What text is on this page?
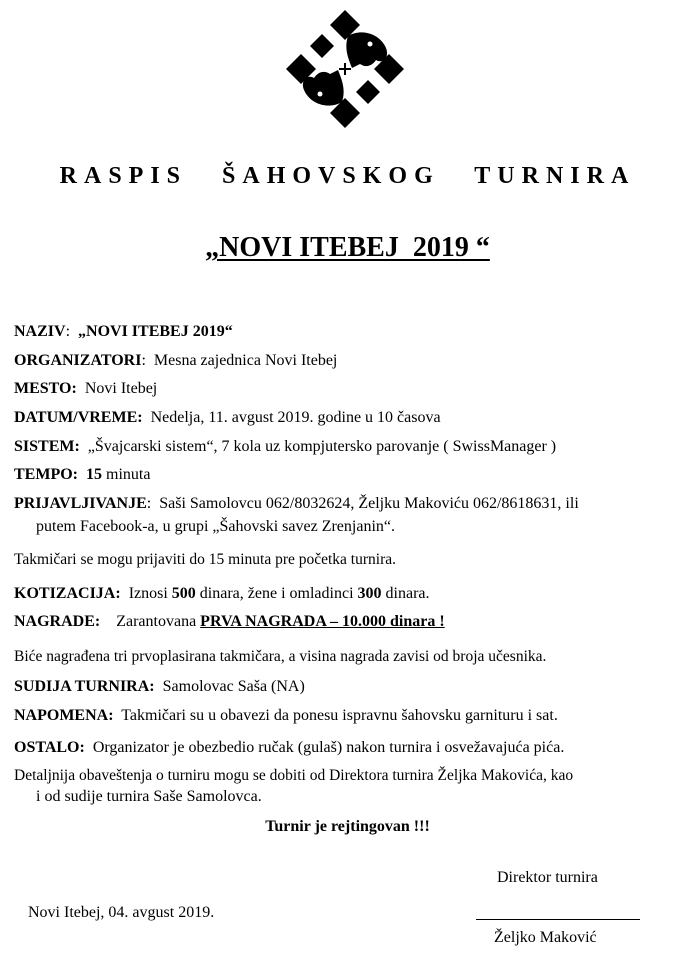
RASPIS ŠAHOVSKOG TURNIRA
„NOVI ITEBEJ  2019 “
NAZIV: „NOVI ITEBEJ 2019“
ORGANIZATORI: Mesna zajednica Novi Itebej
MESTO: Novi Itebej
DATUM/VREME: Nedelja, 11. avgust 2019. godine u 10 časova
SISTEM: „Švajcarski sistem“, 7 kola uz kompjutersko parovanje ( SwissManager )
TEMPO: 15 minuta
PRIJAVLJIVANJE: Saši Samolovcu 062/8032624, Željku Makoviću 062/8618631, ili
putem Facebook-a, u grupi „Šahovski savez Zrenjanin“.
Takmičari se mogu prijaviti do 15 minuta pre početka turnira.
KOTIZACIJA: Iznosi 500 dinara, žene i omladinci 300 dinara.
NAGRADE: Zarantovana PRVA NAGRADA – 10.000 dinara !
Biće nagrađena tri prvoplasirana takmičara, a visina nagrada zavisi od broja učesnika.
SUDIJA TURNIRA: Samolovac Saša (NA)
NAPOMENA: Takmičari su u obavezi da ponesu ispravnu šahovsku garnituru i sat.
OSTALO: Organizator je obezbedio ručak (gulaš) nakon turnira i osvežavajuća pića.
Detaljnija obaveštenja o turniru mogu se dobiti od Direktora turnira Željka Makovića, kao
i od sudije turnira Saše Samolovca.
Turnir je rejtingovan !!!
Direktor turnira
Novi Itebej, 04. avgust 2019.
Željko Maković
